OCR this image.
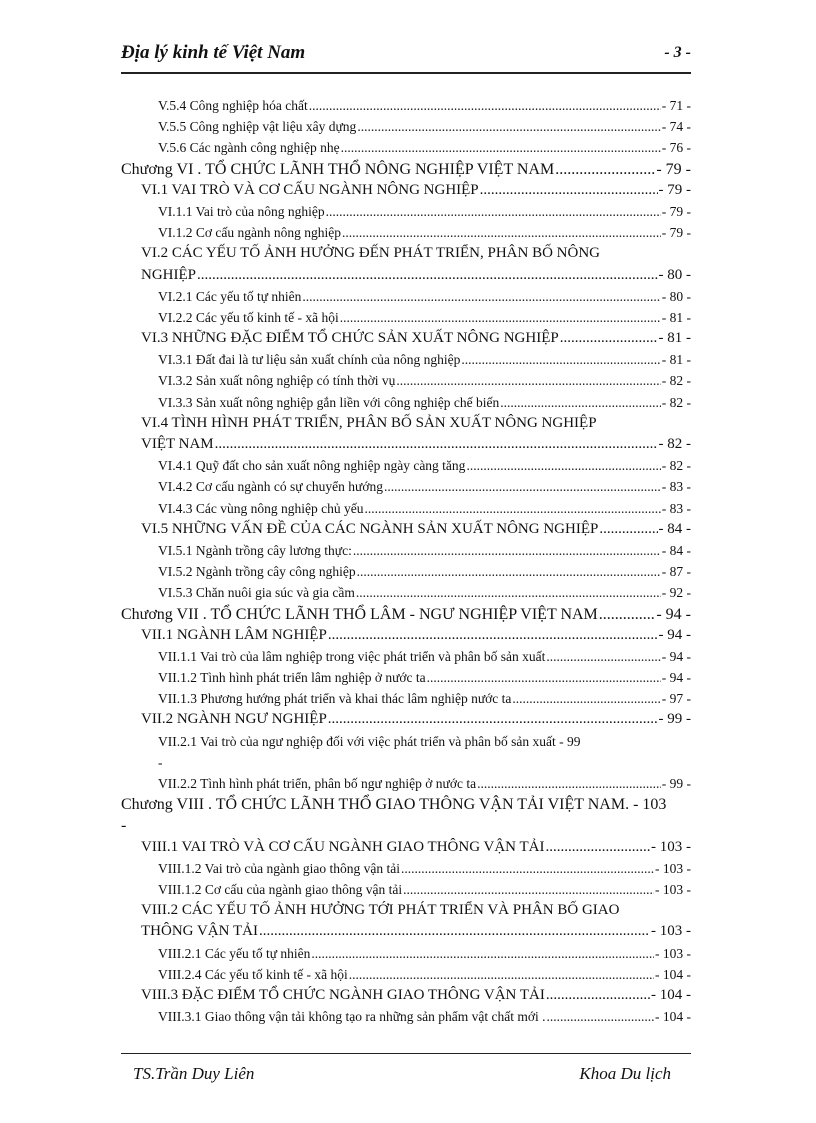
Địa lý kinh tế Việt Nam	- 3 -
V.5.4 Công nghiệp hóa chất .....	- 71 -
V.5.5 Công nghiệp vật liệu xây dựng .....	- 74 -
V.5.6 Các ngành công nghiệp nhẹ .....	- 76 -
Chương VI . TỔ CHỨC LÃNH THỔ NÔNG NGHIỆP VIỆT NAM .....	- 79 -
VI.1 VAI TRÒ VÀ CƠ CẤU NGÀNH NÔNG NGHIỆP .....	- 79 -
VI.1.1 Vai trò của nông nghiệp .....	- 79 -
VI.1.2 Cơ cấu ngành nông nghiệp .....	- 79 -
VI.2 CÁC YẾU TỐ ẢNH HƯỞNG ĐẾN PHÁT TRIỂN, PHÂN BỐ NÔNG
NGHIỆP .....	- 80 -
VI.2.1 Các yếu tố tự nhiên .....	- 80 -
VI.2.2 Các yếu tố kinh tế - xã hội .....	- 81 -
VI.3 NHỮNG ĐẶC ĐIỂM TỔ CHỨC SẢN XUẤT NÔNG NGHIỆP .....	- 81 -
VI.3.1 Đất đai là tư liệu sản xuất chính của nông nghiệp .....	- 81 -
VI.3.2 Sản xuất nông nghiệp có tính thời vụ .....	- 82 -
VI.3.3 Sản xuất nông nghiệp gắn liền với công nghiệp chế biến .....	- 82 -
VI.4 TÌNH HÌNH PHÁT TRIỂN, PHÂN BỐ SẢN XUẤT NÔNG NGHIỆP
VIỆT NAM .....	- 82 -
VI.4.1 Quỹ đất cho sản xuất nông nghiệp ngày càng tăng .....	- 82 -
VI.4.2 Cơ cấu ngành có sự chuyển hướng .....	- 83 -
VI.4.3 Các vùng nông nghiệp chủ yếu .....	- 83 -
VI.5 NHỮNG VẤN ĐỀ CỦA CÁC NGÀNH SẢN XUẤT NÔNG NGHIỆP .....	- 84 -
VI.5.1 Ngành trồng cây lương thực: .....	- 84 -
VI.5.2 Ngành trồng cây công nghiệp .....	- 87 -
VI.5.3 Chăn nuôi gia súc và gia cầm .....	- 92 -
Chương VII . TỔ CHỨC LÃNH THỔ LÂM - NGƯ NGHIỆP VIỆT NAM .....	- 94 -
VII.1 NGÀNH LÂM NGHIỆP .....	- 94 -
VII.1.1 Vai trò của lâm nghiệp trong việc phát triển và phân bố sản xuất .....	- 94 -
VII.1.2 Tình hình phát triển lâm nghiệp ở nước ta .....	- 94 -
VII.1.3 Phương hướng phát triển và khai thác lâm nghiệp nước ta .....	- 97 -
VII.2 NGÀNH NGƯ NGHIỆP .....	- 99 -
VII.2.1 Vai trò của ngư nghiệp đối với việc phát triển và phân bố sản xuất - 99
-
VII.2.2 Tình hình phát triển, phân bố ngư nghiệp ở nước ta .....	- 99 -
Chương VIII . TỔ CHỨC LÃNH THỔ GIAO THÔNG VẬN TẢI VIỆT NAM. - 103
-
VIII.1 VAI TRÒ VÀ CƠ CẤU NGÀNH GIAO THÔNG VẬN TẢI .....	- 103 -
VIII.1.2 Vai trò của ngành giao thông vận tải .....	- 103 -
VIII.1.2 Cơ cấu của ngành giao thông vận tải .....	- 103 -
VIII.2 CÁC YẾU TỐ ẢNH HƯỞNG TỚI PHÁT TRIỂN VÀ PHÂN BỐ GIAO
THÔNG VẬN TẢI .....	- 103 -
VIII.2.1 Các yếu tố tự nhiên .....	- 103 -
VIII.2.4 Các yếu tố kinh tế - xã hội .....	- 104 -
VIII.3 ĐẶC ĐIỂM TỔ CHỨC NGÀNH GIAO THÔNG VẬN TẢI .....	- 104 -
VIII.3.1 Giao thông vận tải không tạo ra những sản phẩm vật chất mới . .....	- 104 -
TS.Trần Duy Liên	Khoa Du lịch
